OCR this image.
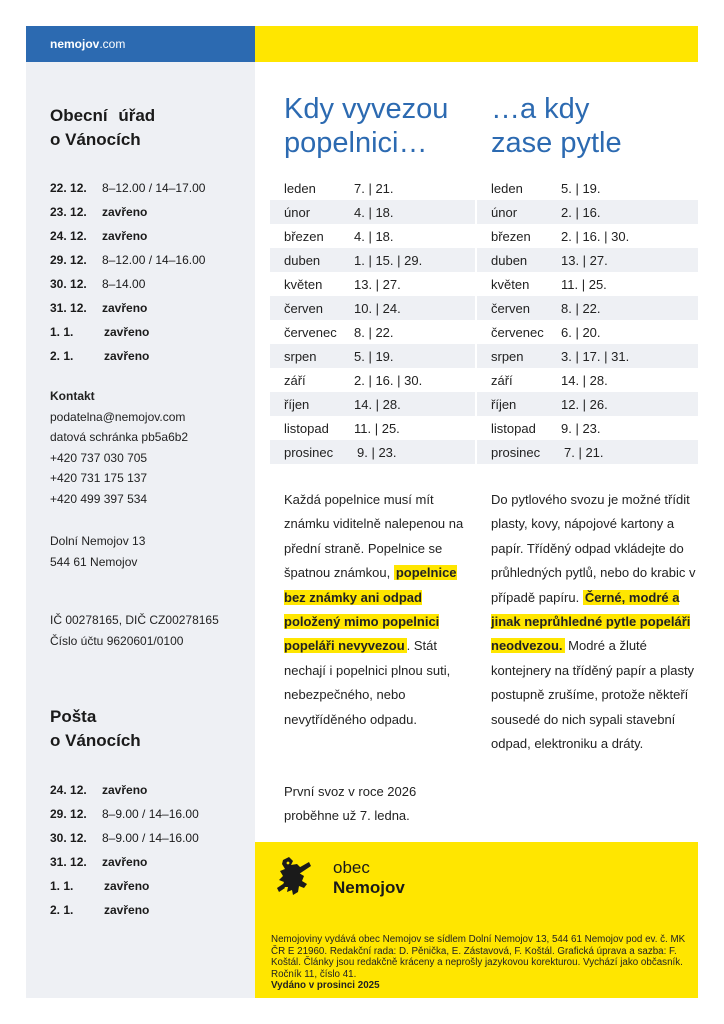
nemojov.com
Obecní úřad
o Vánocích
22. 12.	8–12.00 / 14–17.00
23. 12.	zavřeno
24. 12.	zavřeno
29. 12.	8–12.00 / 14–16.00
30. 12.	8–14.00
31. 12.	zavřeno
1. 1.	zavřeno
2. 1.	zavřeno
Kontakt
podatelna@nemojov.com
datová schránka pb5a6b2
+420 737 030 705
+420 731 175 137
+420 499 397 534
Dolní Nemojov 13
544 61 Nemojov
IČ 00278165, DIČ CZ00278165
Číslo účtu 9620601/0100
Pošta
o Vánocích
24. 12.	zavřeno
29. 12.	8–9.00 / 14–16.00
30. 12.	8–9.00 / 14–16.00
31. 12.	zavřeno
1. 1.	zavřeno
2. 1.	zavřeno
Kdy vyvezou
popelnici…
leden	7. | 21.
únor	4. | 18.
březen	4. | 18.
duben	1. | 15. | 29.
květen	13. | 27.
červen	10. | 24.
červenec	8. | 22.
srpen	5. | 19.
září	2. | 16. | 30.
říjen	14. | 28.
listopad	11. | 25.
prosinec	9. | 23.
Každá popelnice musí mít známku viditelně nalepenou na přední straně. Popelnice se špatnou známkou, popelnice bez známky ani odpad položený mimo popelnici popeláři nevyvezou . Stát nechají i popelnici plnou suti, nebezpečného, nebo nevytříděného odpadu.
První svoz v roce 2026 proběhne už 7. ledna.
…a kdy
zase pytle
leden	5. | 19.
únor	2. | 16.
březen	2. | 16. | 30.
duben	13. | 27.
květen	11. | 25.
červen	8. | 22.
červenec	6. | 20.
srpen	3. | 17. | 31.
září	14. | 28.
říjen	12. | 26.
listopad	9. | 23.
prosinec	7. | 21.
Do pytlového svozu je možné třídit plasty, kovy, nápojové kartony a papír. Tříděný odpad vkládejte do průhledných pytlů, nebo do krabic v případě papíru. Černé, modré a jinak neprůhledné pytle popeláři neodvezou. Modré a žluté kontejnery na tříděný papír a plasty postupně zrušíme, protože někteří sousedé do nich sypali stavební odpad, elektroniku a dráty.
obec
Nemojov
Nemojoviny vydává obec Nemojov se sídlem Dolní Nemojov 13, 544 61 Nemojov pod ev. č. MK ČR E 21960. Redakční rada: D. Pěnička, E. Zástavová, F. Koštál. Grafická úprava a sazba: F. Koštál. Články jsou redakčně kráceny a neprošly jazykovou korekturou. Vychází jako občasník. Ročník 11, číslo 41.
Vydáno v prosinci 2025
